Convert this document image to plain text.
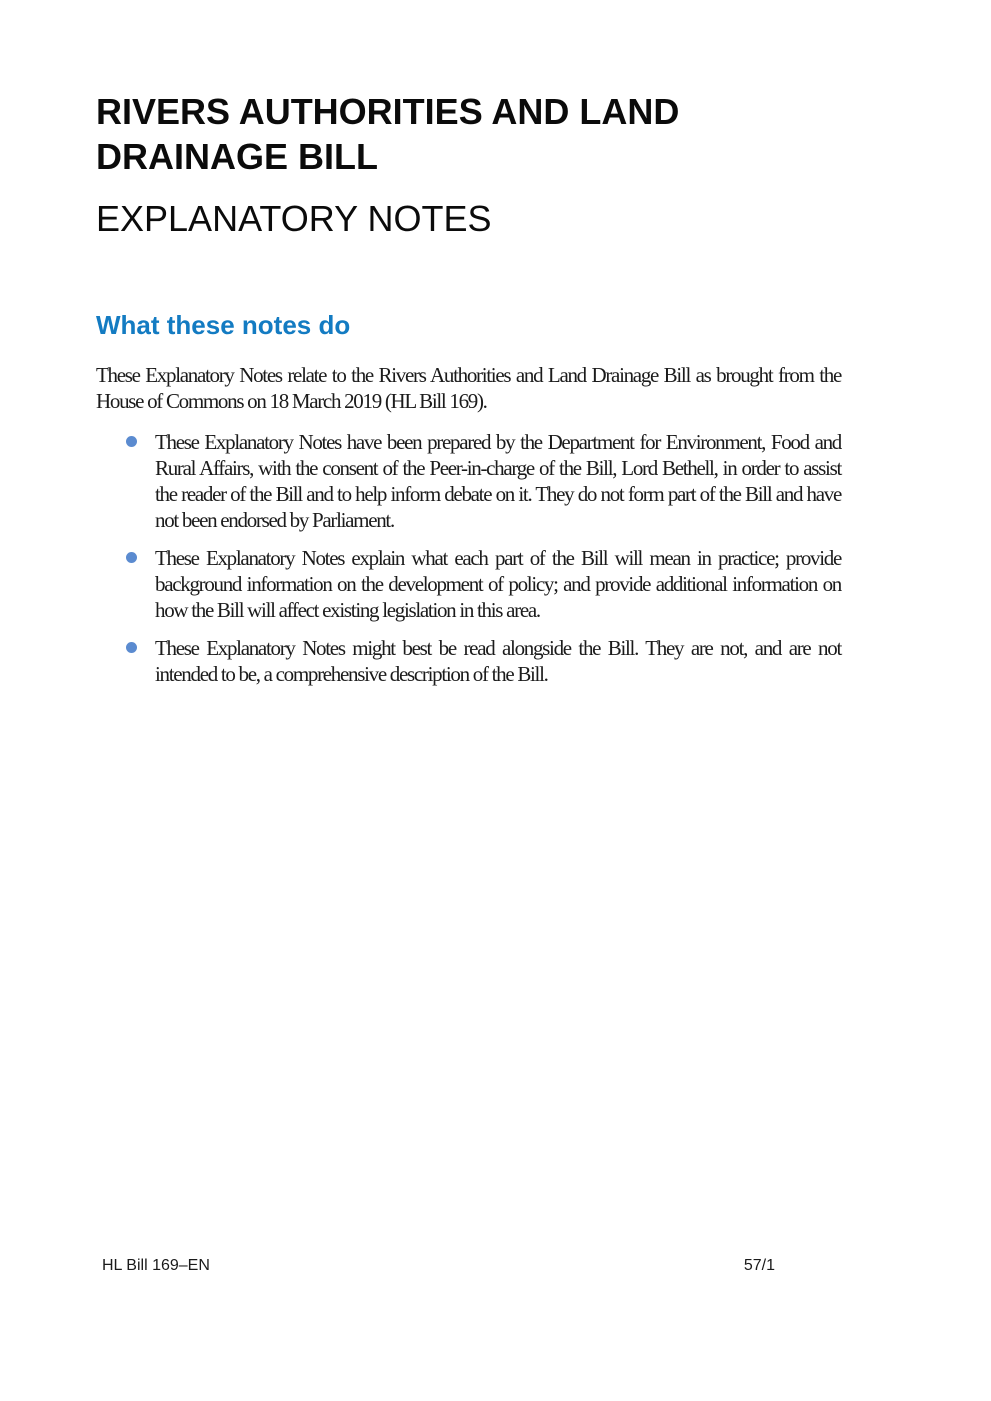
RIVERS AUTHORITIES AND LAND DRAINAGE BILL
EXPLANATORY NOTES
What these notes do

These Explanatory Notes relate to the Rivers Authorities and Land Drainage Bill as brought from the House of Commons on 18 March 2019 (HL Bill 169).

These Explanatory Notes have been prepared by the Department for Environment, Food and Rural Affairs, with the consent of the Peer-in-charge of the Bill, Lord Bethell, in order to assist the reader of the Bill and to help inform debate on it. They do not form part of the Bill and have not been endorsed by Parliament.
These Explanatory Notes explain what each part of the Bill will mean in practice; provide background information on the development of policy; and provide additional information on how the Bill will affect existing legislation in this area.
These Explanatory Notes might best be read alongside the Bill. They are not, and are not intended to be, a comprehensive description of the Bill.
HL Bill 169–EN	57/1
